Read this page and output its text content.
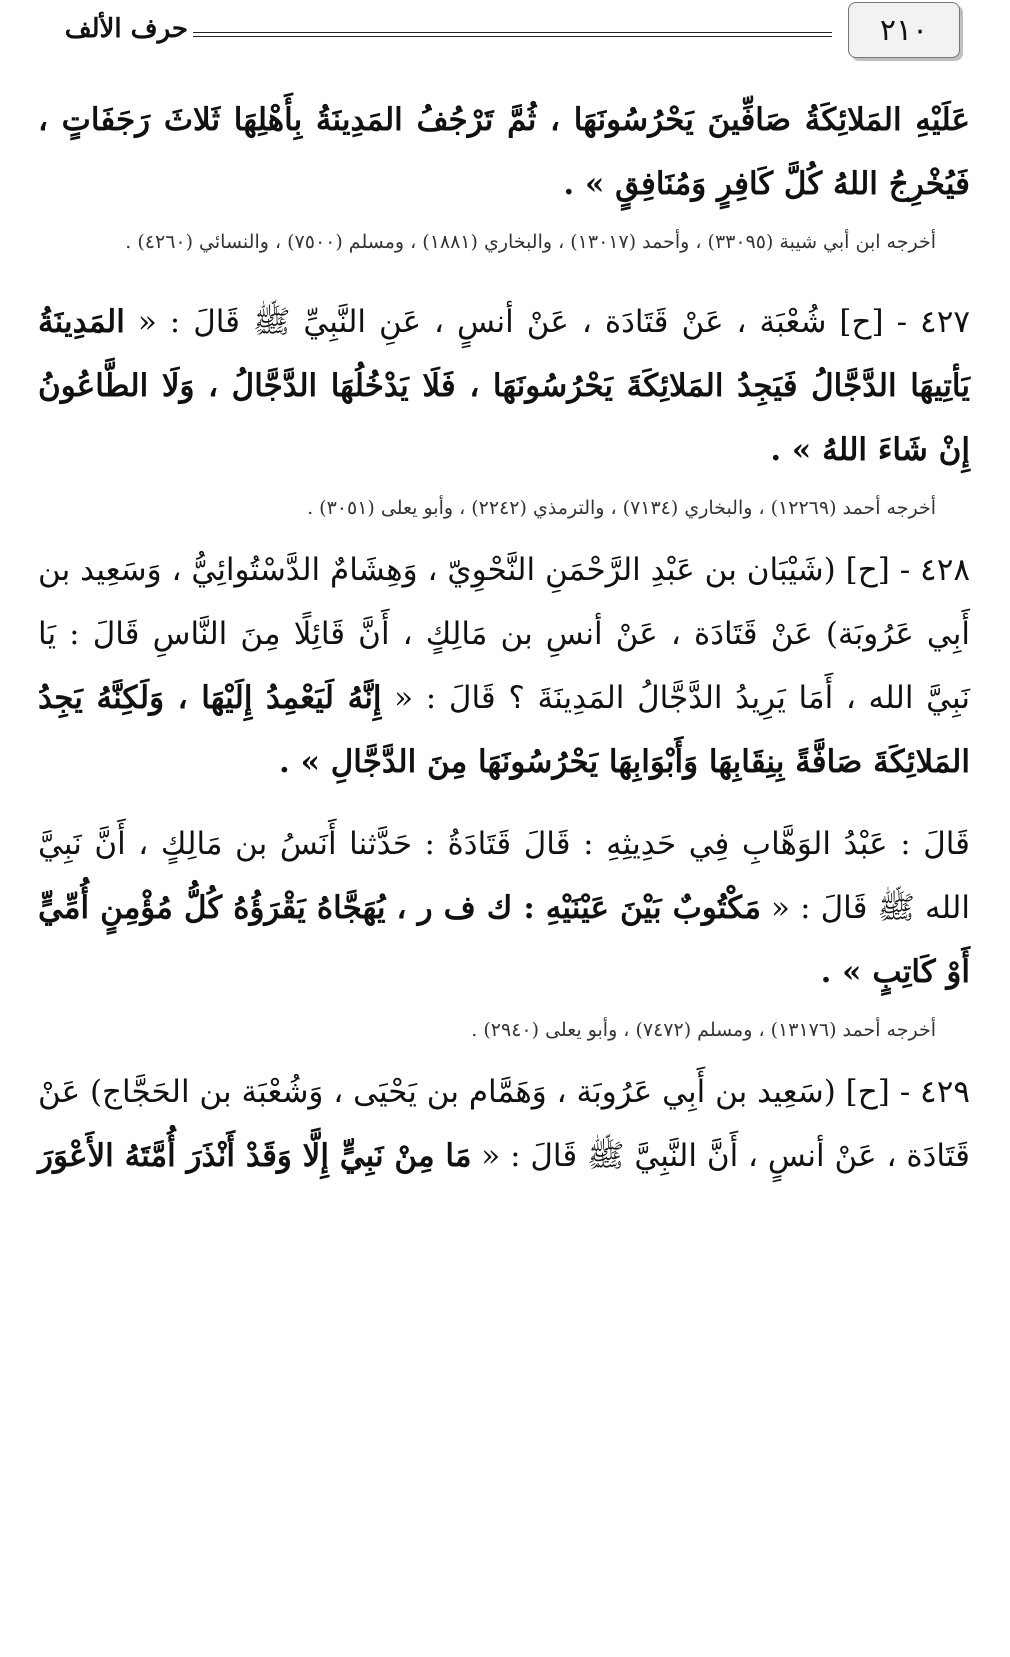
٢١٠
حرف الألف

عَلَيْهِ المَلائِكَةُ صَافِّينَ يَحْرُسُونَهَا ، ثُمَّ تَرْجُفُ المَدِينَةُ بِأَهْلِهَا ثَلاثَ رَجَفَاتٍ ، فَيُخْرِجُ اللهُ كُلَّ كَافِرٍ وَمُنَافِقٍ » .

أخرجه ابن أبي شيبة (٣٣٠٩٥) ، وأحمد (١٣٠١٧) ، والبخاري (١٨٨١) ، ومسلم (٧٥٠٠) ، والنسائي (٤٢٦٠) .

٤٢٧ - [ح] شُعْبَة ، عَنْ قَتَادَة ، عَنْ أنسٍ ، عَنِ النَّبِيِّ ﷺ قَالَ : « المَدِينَةُ يَأتِيهَا الدَّجَّالُ فَيَجِدُ المَلائِكَةَ يَحْرُسُونَهَا ، فَلَا يَدْخُلُهَا الدَّجَّالُ ، وَلَا الطَّاعُونُ إِنْ شَاءَ اللهُ » .

أخرجه أحمد (١٢٢٦٩) ، والبخاري (٧١٣٤) ، والترمذي (٢٢٤٢) ، وأبو يعلى (٣٠٥١) .

٤٢٨ - [ح] (شَيْبَان بن عَبْدِ الرَّحْمَنِ النَّحْوِيّ ، وَهِشَامٌ الدَّسْتُوائِيُّ ، وَسَعِيد بن أَبِي عَرُوبَة) عَنْ قَتَادَة ، عَنْ أنسِ بن مَالِكٍ ، أَنَّ قَائِلًا مِنَ النَّاسِ قَالَ : يَا نَبِيَّ الله ، أَمَا يَرِيدُ الدَّجَّالُ المَدِينَةَ ؟ قَالَ : « إِنَّهُ لَيَعْمِدُ إِلَيْهَا ، وَلَكِنَّهُ يَجِدُ المَلائِكَةَ صَافَّةً بِنِقَابِهَا وَأَبْوَابِهَا يَحْرُسُونَهَا مِنَ الدَّجَّالِ » .

قَالَ : عَبْدُ الوَهَّابِ فِي حَدِيثِهِ : قَالَ قَتَادَةُ : حَدَّثنا أَنَسُ بن مَالِكٍ ، أَنَّ نَبِيَّ الله ﷺ قَالَ : « مَكْتُوبٌ بَيْنَ عَيْنَيْهِ : ك ف ر ، يُهَجَّاهُ يَقْرَؤُهُ كُلُّ مُؤْمِنٍ أُمِّيٍّ أَوْ كَاتِبٍ » .

أخرجه أحمد (١٣١٧٦) ، ومسلم (٧٤٧٢) ، وأبو يعلى (٢٩٤٠) .

٤٢٩ - [ح] (سَعِيد بن أَبِي عَرُوبَة ، وَهَمَّام بن يَحْيَى ، وَشُعْبَة بن الحَجَّاج) عَنْ قَتَادَة ، عَنْ أنسٍ ، أَنَّ النَّبِيَّ ﷺ قَالَ : « مَا مِنْ نَبِيٍّ إِلَّا وَقَدْ أَنْذَرَ أُمَّتَهُ الأَعْوَرَ
